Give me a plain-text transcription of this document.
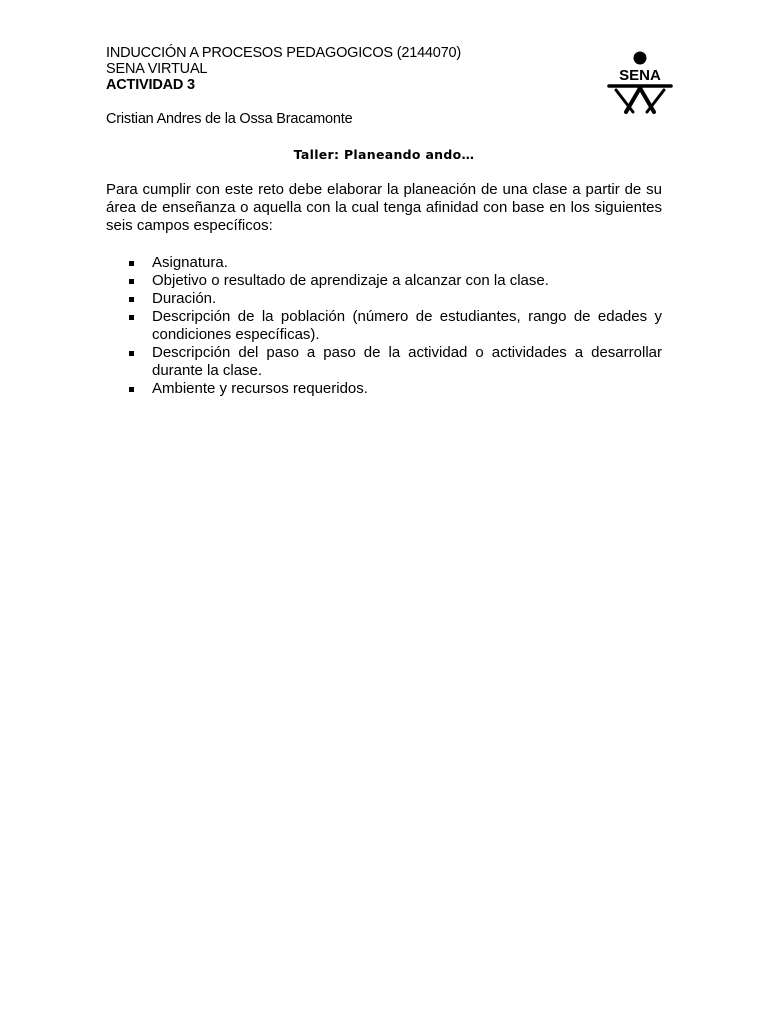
INDUCCIÓN A PROCESOS PEDAGOGICOS (2144070)
SENA VIRTUAL
ACTIVIDAD 3
Cristian Andres de la Ossa Bracamonte
SENA
Taller: Planeando ando…

Para cumplir con este reto debe elaborar la planeación de una clase a partir de su área de enseñanza o aquella con la cual tenga afinidad con base en los siguientes seis campos específicos:

Asignatura.
Objetivo o resultado de aprendizaje a alcanzar con la clase.
Duración.
Descripción de la población (número de estudiantes, rango de edades y condiciones específicas).
Descripción del paso a paso de la actividad o actividades a desarrollar durante la clase.
Ambiente y recursos requeridos.
